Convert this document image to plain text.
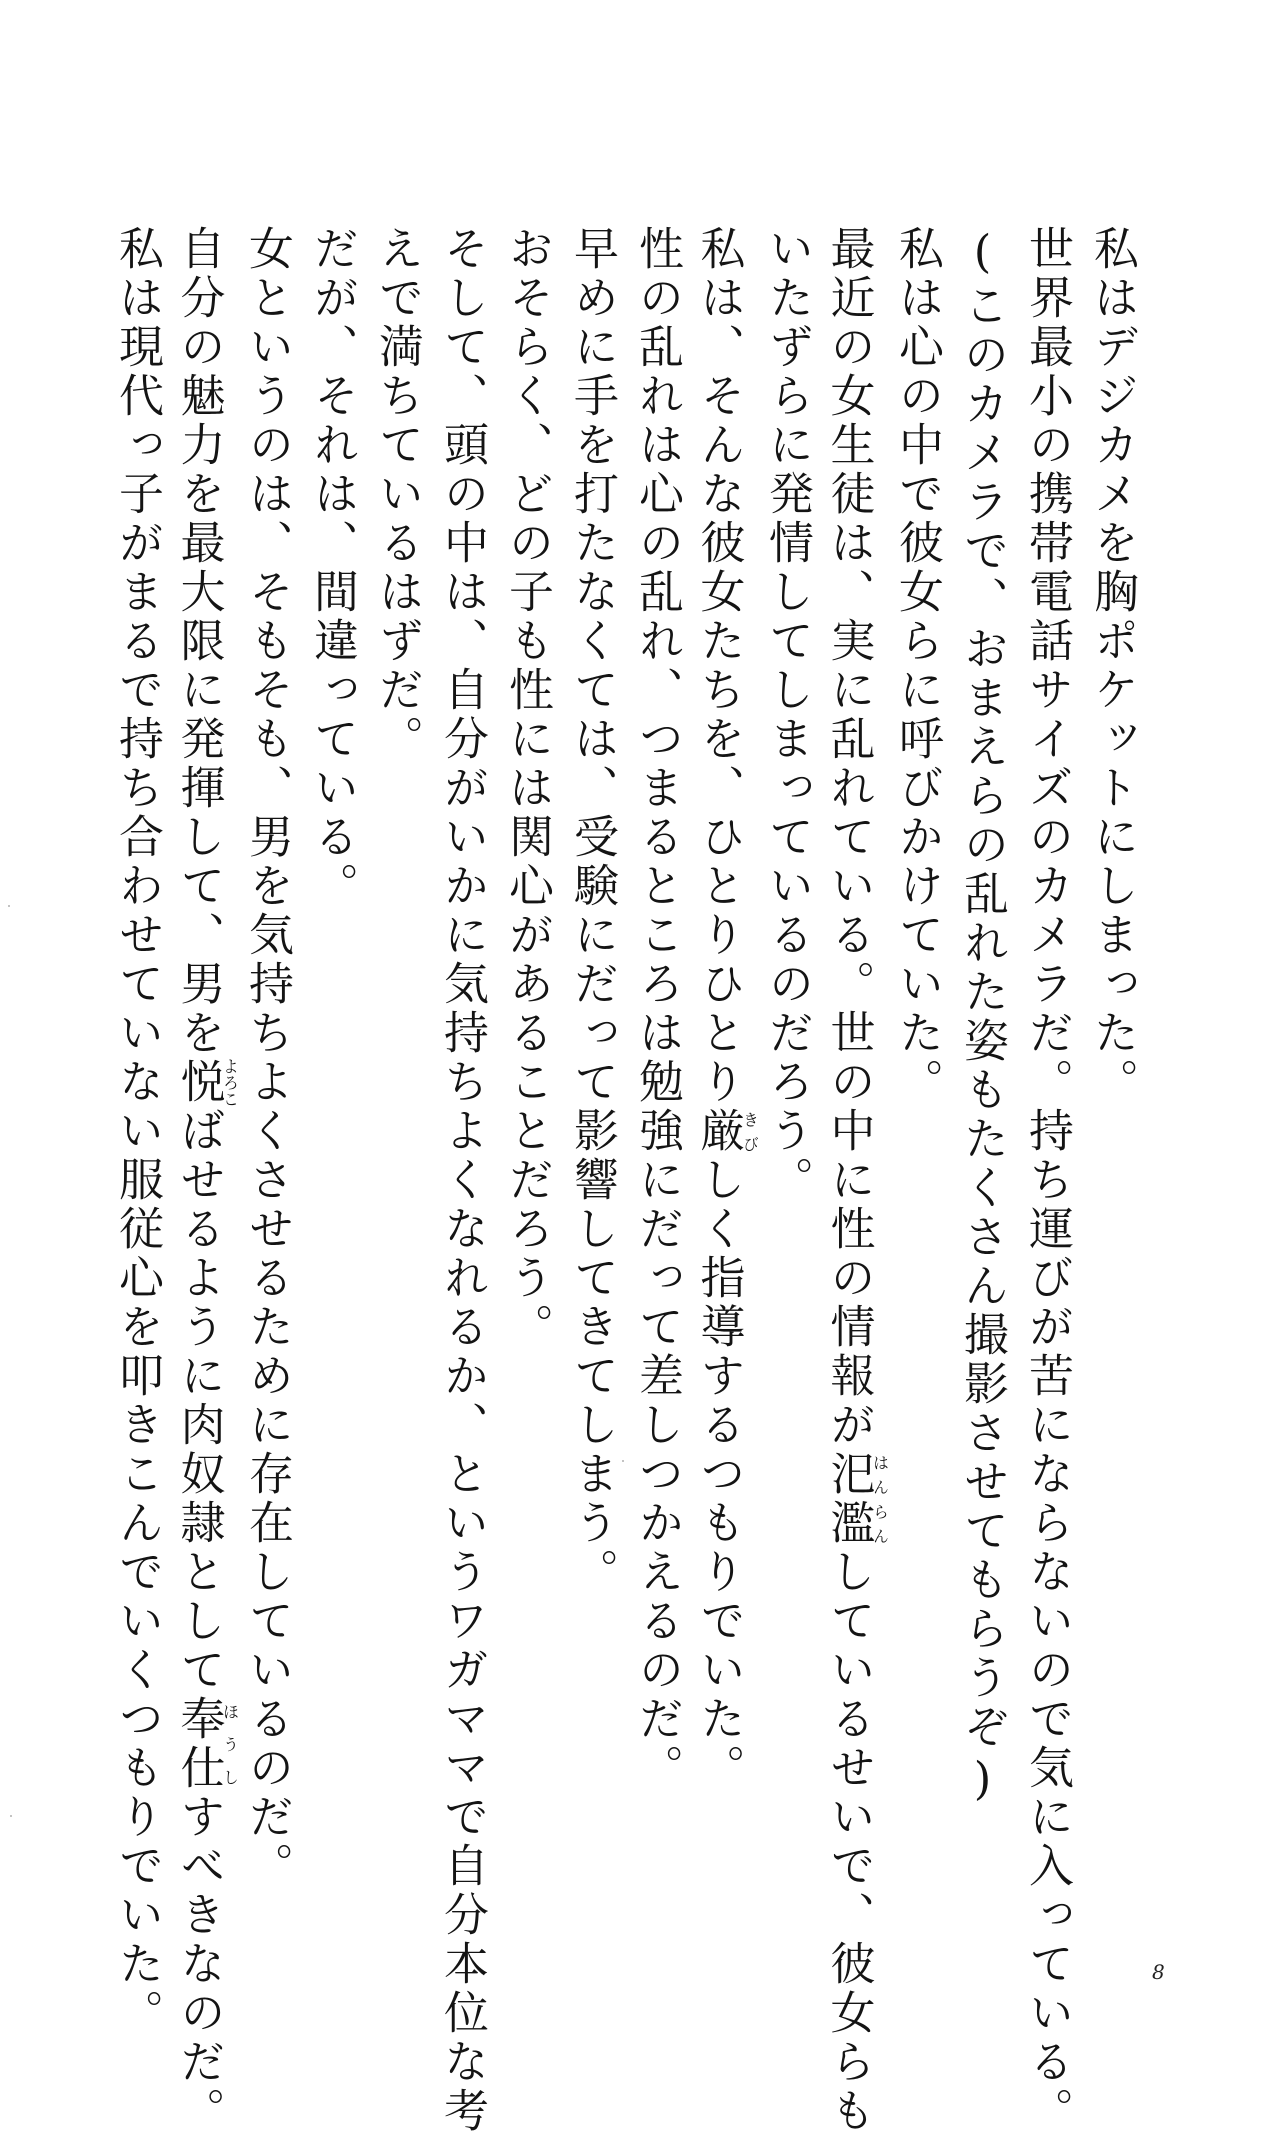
私はデジカメを胸ポケットにしまった。
世界最小の携帯電話サイズのカメラだ。持ち運びが苦にならないので気に入っている。
(このカメラで、おまえらの乱れた姿もたくさん撮影させてもらうぞ)
私は心の中で彼女らに呼びかけていた。
最近の女生徒は、実に乱れている。世の中に性の情報が汜濫はんらんしているせいで、彼女らも
いたずらに発情してしまっているのだろう。
私は、そんな彼女たちを、ひとりひとり厳きびしく指導するつもりでいた。
性の乱れは心の乱れ、つまるところは勉強にだって差しつかえるのだ。
早めに手を打たなくては、受験にだって影響してきてしまう。
おそらく、どの子も性には関心があることだろう。
そして、頭の中は、自分がいかに気持ちよくなれるか、というワガママで自分本位な考
えで満ちているはずだ。
だが、それは、間違っている。
女というのは、そもそも、男を気持ちよくさせるために存在しているのだ。
自分の魅力を最大限に発揮して、男を悦よろこばせるように肉奴隷として奉仕ほうしすべきなのだ。
私は現代っ子がまるで持ち合わせていない服従心を叩きこんでいくつもりでいた。	8
